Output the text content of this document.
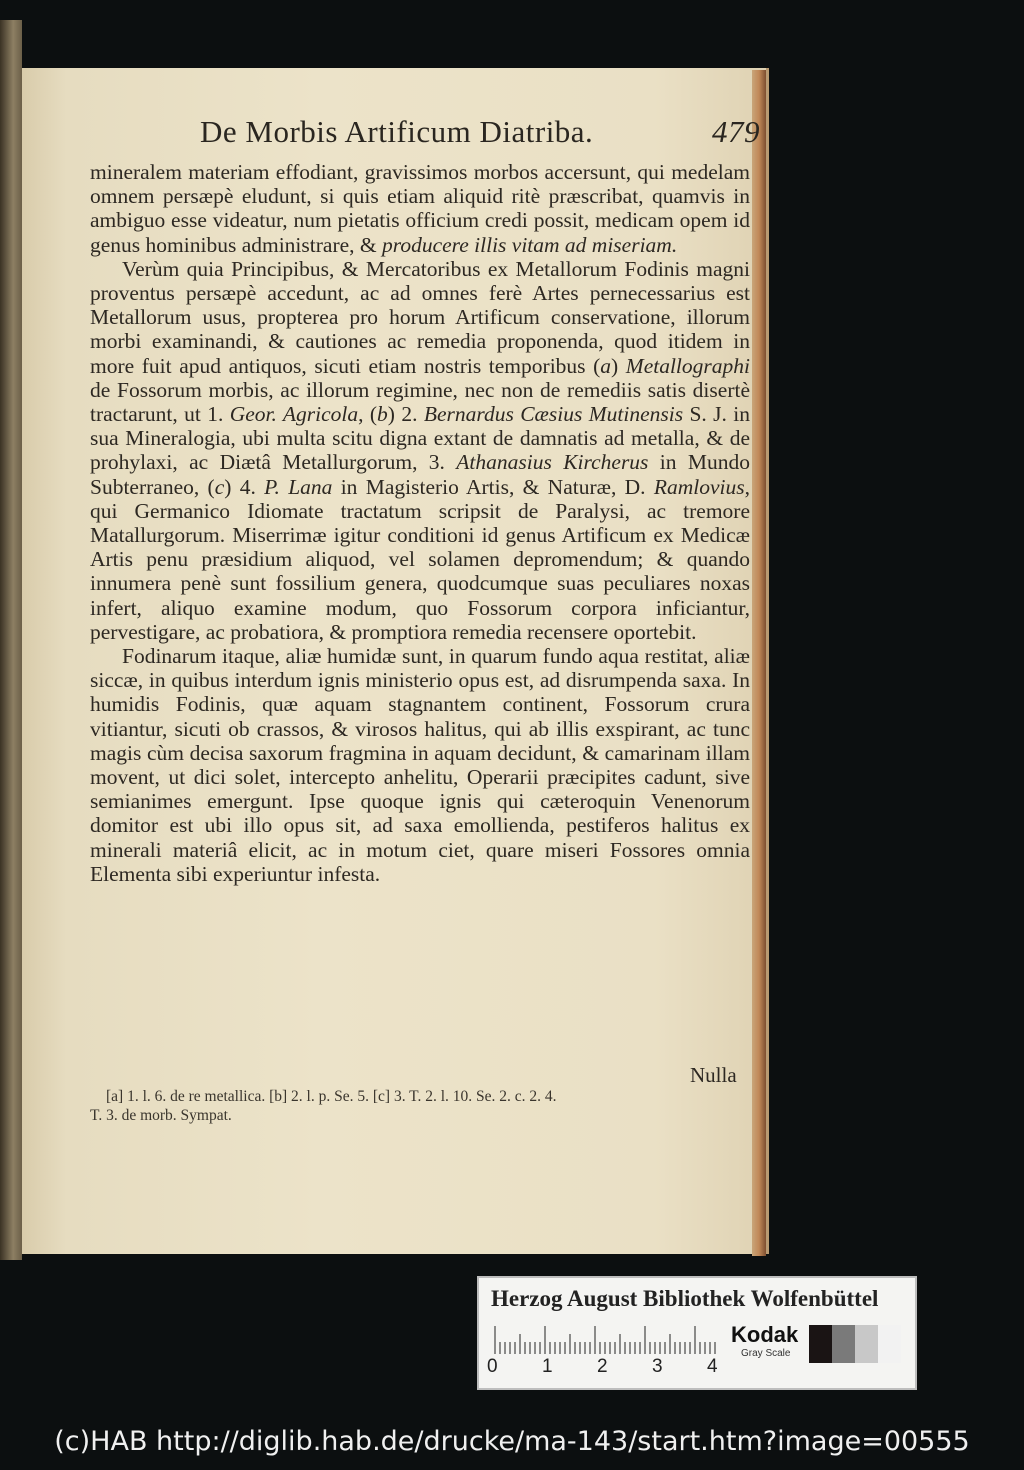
De Morbis Artificum Diatriba.	479

mineralem materiam effodiant, gravissimos morbos accersunt, qui medelam omnem persæpè eludunt, si quis etiam aliquid ritè præscribat, quamvis in ambiguo esse videatur, num pietatis officium credi possit, medicam opem id genus hominibus administrare, & producere illis vitam ad miseriam.

Verùm quia Principibus, & Mercatoribus ex Metallorum Fodinis magni proventus persæpè accedunt, ac ad omnes ferè Artes pernecessarius est Metallorum usus, propterea pro horum Artificum conservatione, illorum morbi examinandi, & cautiones ac remedia proponenda, quod itidem in more fuit apud antiquos, sicuti etiam nostris temporibus (a) Metallographi de Fossorum morbis, ac illorum regimine, nec non de remediis satis disertè tractarunt, ut 1. Geor. Agricola, (b) 2. Bernardus Cæsius Mutinensis S. J. in sua Mineralogia, ubi multa scitu digna extant de damnatis ad metalla, & de prohylaxi, ac Diætâ Metallurgorum, 3. Athanasius Kircherus in Mundo Subterraneo, (c) 4. P. Lana in Magisterio Artis, & Naturæ, D. Ramlovius, qui Germanico Idiomate tractatum scripsit de Paralysi, ac tremore Matallurgorum. Miserrimæ igitur conditioni id genus Artificum ex Medicæ Artis penu præsidium aliquod, vel solamen depromendum; & quando innumera penè sunt fossilium genera, quodcumque suas peculiares noxas infert, aliquo examine modum, quo Fossorum corpora inficiantur, pervestigare, ac probatiora, & promptiora remedia recensere oportebit.

Fodinarum itaque, aliæ humidæ sunt, in quarum fundo aqua restitat, aliæ siccæ, in quibus interdum ignis ministerio opus est, ad disrumpenda saxa. In humidis Fodinis, quæ aquam stagnantem continent, Fossorum crura vitiantur, sicuti ob crassos, & virosos halitus, qui ab illis exspirant, ac tunc magis cùm decisa saxorum fragmina in aquam decidunt, & camarinam illam movent, ut dici solet, intercepto anhelitu, Operarii præcipites cadunt, sive semianimes emergunt. Ipse quoque ignis qui cæteroquin Venenorum domitor est ubi illo opus sit, ad saxa emollienda, pestiferos halitus ex minerali materiâ elicit, ac in motum ciet, quare miseri Fossores omnia Elementa sibi experiuntur infesta.

Nulla

[a] 1. l. 6. de re metallica. [b] 2. l. p. Se. 5. [c] 3. T. 2. l. 10. Se. 2. c. 2. 4.

T. 3. de morb. Sympat.

Herzog August Bibliothek Wolfenbüttel
0 1 2 3 4
Kodak
Gray Scale
(c)HAB http://diglib.hab.de/drucke/ma-143/start.htm?image=00555
